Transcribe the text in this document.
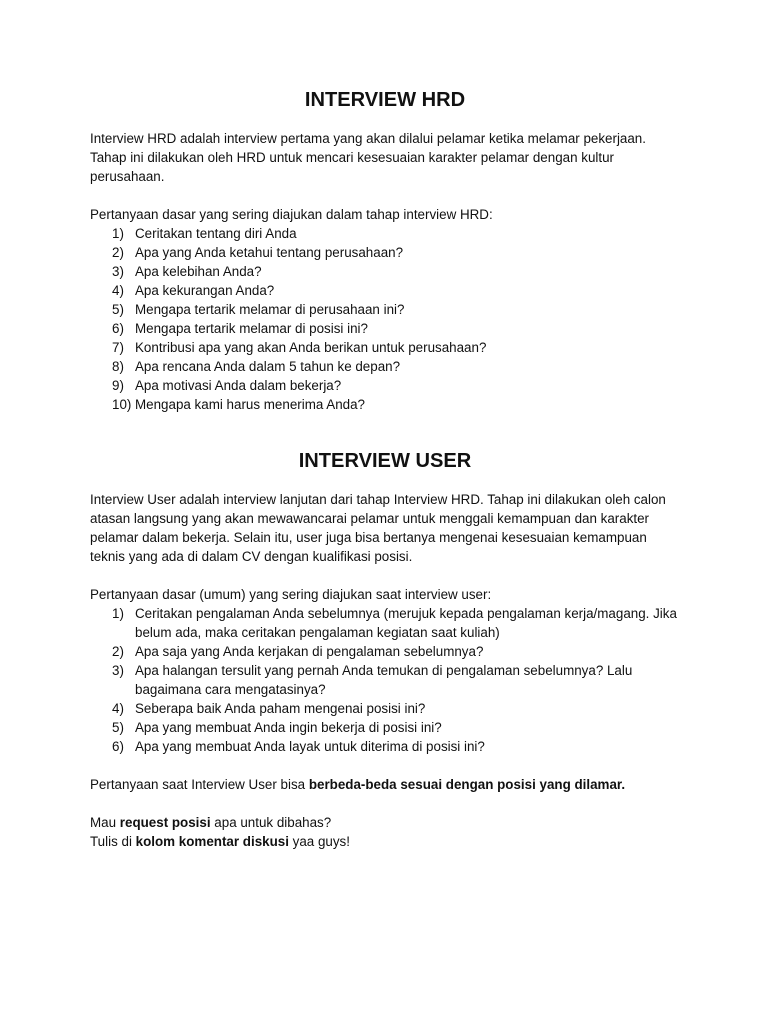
INTERVIEW HRD

Interview HRD adalah interview pertama yang akan dilalui pelamar ketika melamar pekerjaan. Tahap ini dilakukan oleh HRD untuk mencari kesesuaian karakter pelamar dengan kultur perusahaan.

Pertanyaan dasar yang sering diajukan dalam tahap interview HRD:

1) Ceritakan tentang diri Anda
2) Apa yang Anda ketahui tentang perusahaan?
3) Apa kelebihan Anda?
4) Apa kekurangan Anda?
5) Mengapa tertarik melamar di perusahaan ini?
6) Mengapa tertarik melamar di posisi ini?
7) Kontribusi apa yang akan Anda berikan untuk perusahaan?
8) Apa rencana Anda dalam 5 tahun ke depan?
9) Apa motivasi Anda dalam bekerja?
10) Mengapa kami harus menerima Anda?
INTERVIEW USER

Interview User adalah interview lanjutan dari tahap Interview HRD. Tahap ini dilakukan oleh calon atasan langsung yang akan mewawancarai pelamar untuk menggali kemampuan dan karakter pelamar dalam bekerja. Selain itu, user juga bisa bertanya mengenai kesesuaian kemampuan teknis yang ada di dalam CV dengan kualifikasi posisi.

Pertanyaan dasar (umum) yang sering diajukan saat interview user:

1) Ceritakan pengalaman Anda sebelumnya (merujuk kepada pengalaman kerja/magang. Jika belum ada, maka ceritakan pengalaman kegiatan saat kuliah)
2) Apa saja yang Anda kerjakan di pengalaman sebelumnya?
3) Apa halangan tersulit yang pernah Anda temukan di pengalaman sebelumnya? Lalu bagaimana cara mengatasinya?
4) Seberapa baik Anda paham mengenai posisi ini?
5) Apa yang membuat Anda ingin bekerja di posisi ini?
6) Apa yang membuat Anda layak untuk diterima di posisi ini?

Pertanyaan saat Interview User bisa berbeda-beda sesuai dengan posisi yang dilamar.

Mau request posisi apa untuk dibahas?

Tulis di kolom komentar diskusi yaa guys!
